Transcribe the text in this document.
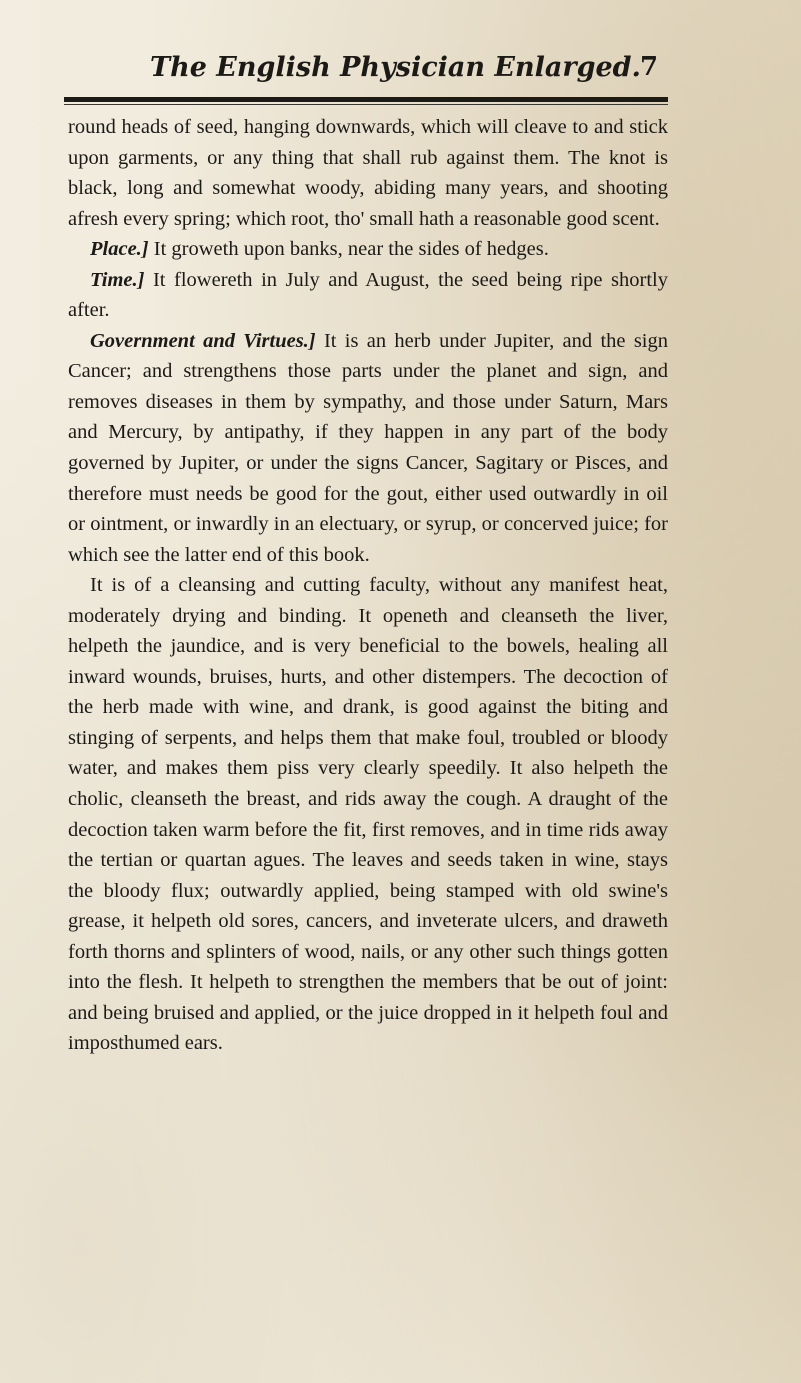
The English Physician Enlarged. 7

round heads of seed, hanging downwards, which will cleave to and stick upon garments, or any thing that shall rub against them. The knot is black, long and somewhat woody, abiding many years, and shooting afresh every spring; which root, tho' small hath a reasonable good scent.

Place.] It groweth upon banks, near the sides of hedges.

Time.] It flowereth in July and August, the seed being ripe shortly after.

Government and Virtues.] It is an herb under Jupiter, and the sign Cancer; and strengthens those parts under the planet and sign, and removes diseases in them by sympathy, and those under Saturn, Mars and Mercury, by antipathy, if they happen in any part of the body governed by Jupiter, or under the signs Cancer, Sagitary or Pisces, and therefore must needs be good for the gout, either used outwardly in oil or ointment, or inwardly in an electuary, or syrup, or concerved juice; for which see the latter end of this book.

It is of a cleansing and cutting faculty, without any manifest heat, moderately drying and binding. It openeth and cleanseth the liver, helpeth the jaundice, and is very beneficial to the bowels, healing all inward wounds, bruises, hurts, and other distempers. The decoction of the herb made with wine, and drank, is good against the biting and stinging of serpents, and helps them that make foul, troubled or bloody water, and makes them piss very clearly speedily. It also helpeth the cholic, cleanseth the breast, and rids away the cough. A draught of the decoction taken warm before the fit, first removes, and in time rids away the tertian or quartan agues. The leaves and seeds taken in wine, stays the bloody flux; outwardly applied, being stamped with old swine's grease, it helpeth old sores, cancers, and inveterate ulcers, and draweth forth thorns and splinters of wood, nails, or any other such things gotten into the flesh. It helpeth to strengthen the members that be out of joint: and being bruised and applied, or the juice dropped in it helpeth foul and imposthumed ears.
